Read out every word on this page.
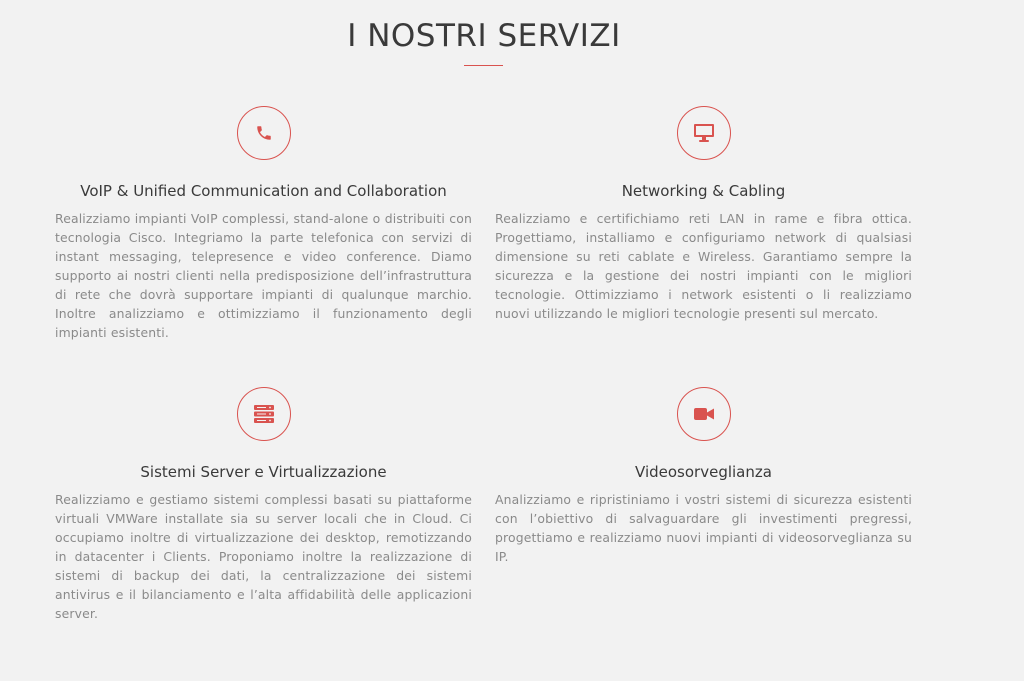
I NOSTRI SERVIZI
VoIP & Unified Communication and Collaboration

Realizziamo impianti VoIP complessi, stand-alone o distribuiti con tecnologia Cisco. Integriamo la parte telefonica con servizi di instant messaging, telepresence e video conference. Diamo supporto ai nostri clienti nella predisposizione dell’infrastruttura di rete che dovrà supportare impianti di qualunque marchio. Inoltre analizziamo e ottimizziamo il funzionamento degli impianti esistenti.

Networking & Cabling

Realizziamo e certifichiamo reti LAN in rame e fibra ottica. Progettiamo, installiamo e configuriamo network di qualsiasi dimensione su reti cablate e Wireless. Garantiamo sempre la sicurezza e la gestione dei nostri impianti con le migliori tecnologie. Ottimizziamo i network esistenti o li realizziamo nuovi utilizzando le migliori tecnologie presenti sul mercato.

Sistemi Server e Virtualizzazione

Realizziamo e gestiamo sistemi complessi basati su piattaforme virtuali VMWare installate sia su server locali che in Cloud. Ci occupiamo inoltre di virtualizzazione dei desktop, remotizzando in datacenter i Clients. Proponiamo inoltre la realizzazione di sistemi di backup dei dati, la centralizzazione dei sistemi antivirus e il bilanciamento e l’alta affidabilità delle applicazioni server.

Videosorveglianza

Analizziamo e ripristiniamo i vostri sistemi di sicurezza esistenti con l’obiettivo di salvaguardare gli investimenti pregressi, progettiamo e realizziamo nuovi impianti di videosorveglianza su IP.
